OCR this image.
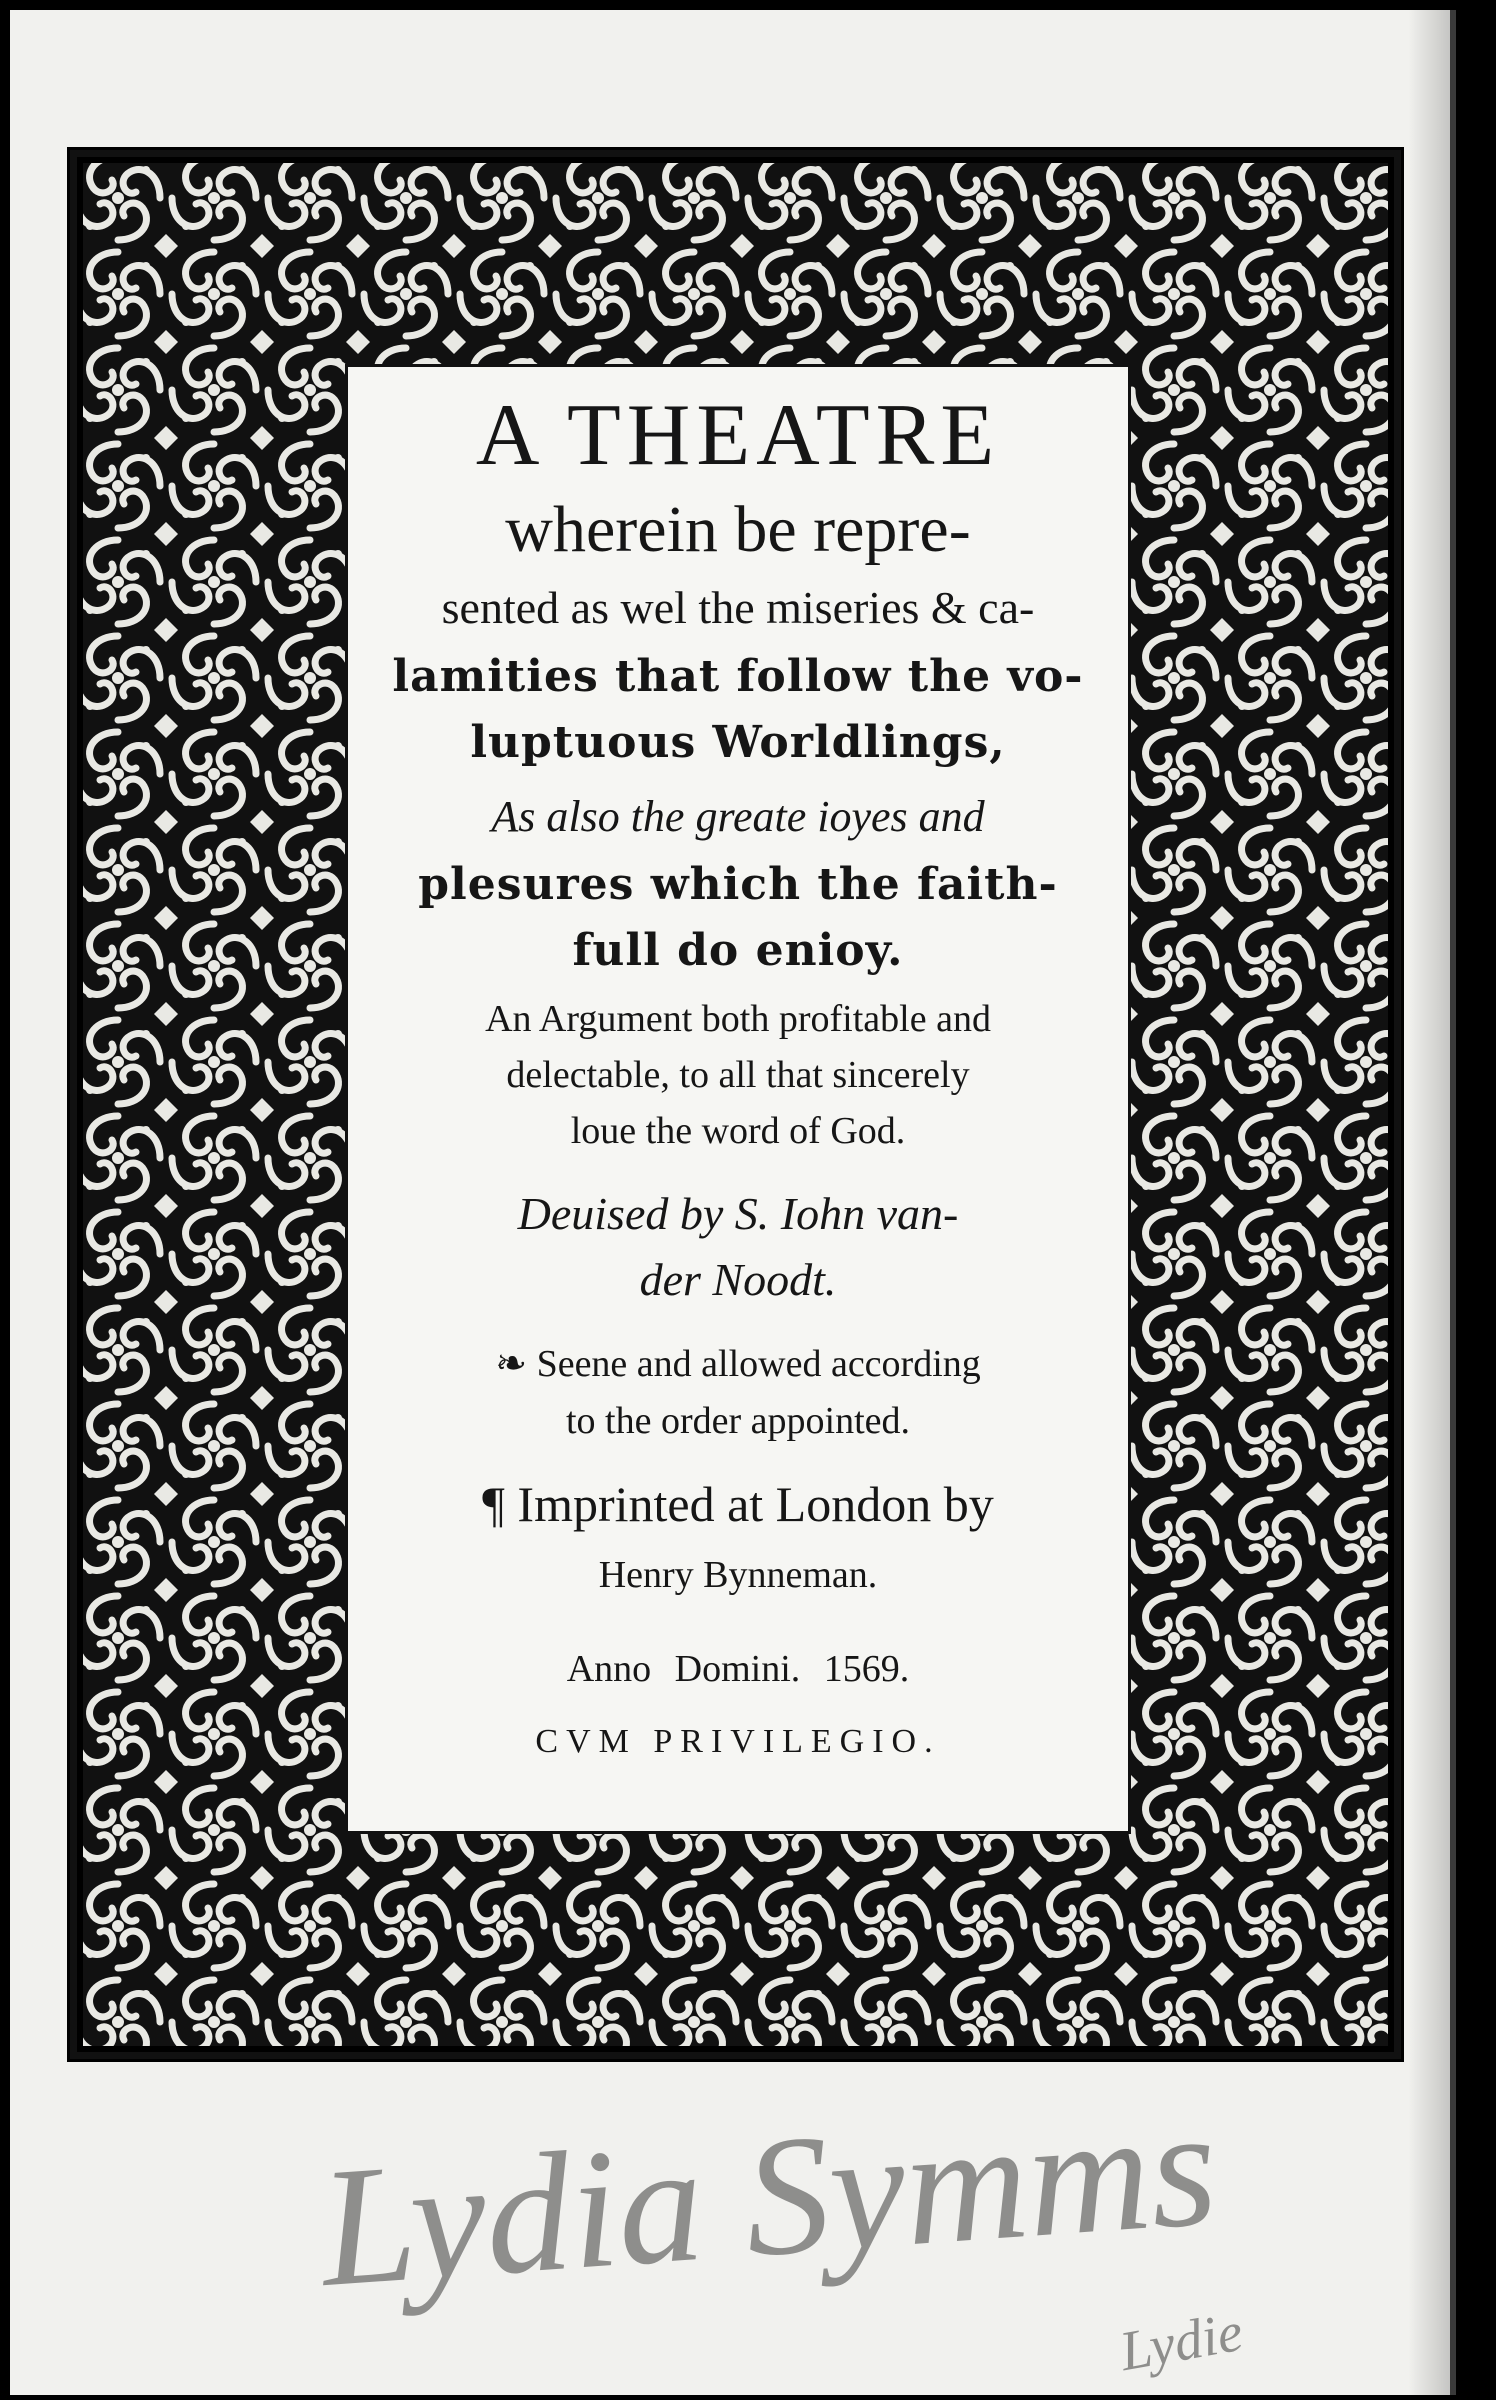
A THEATRE

wherein be repre-

sented as wel the miseries & ca-

lamities that follow the vo-

luptuous Worldlings,

As also the greate ioyes and

plesures which the faith-

full do enioy.

An Argument both profitable and

delectable, to all that sincerely

loue the word of God.

Deuised by S. Iohn van-

der Noodt.

❧ Seene and allowed according

to the order appointed.

¶ Imprinted at London by

Henry Bynneman.

Anno Domini. 1569.

CVM PRIVILEGIO.

Lydia Symms
Lydie
